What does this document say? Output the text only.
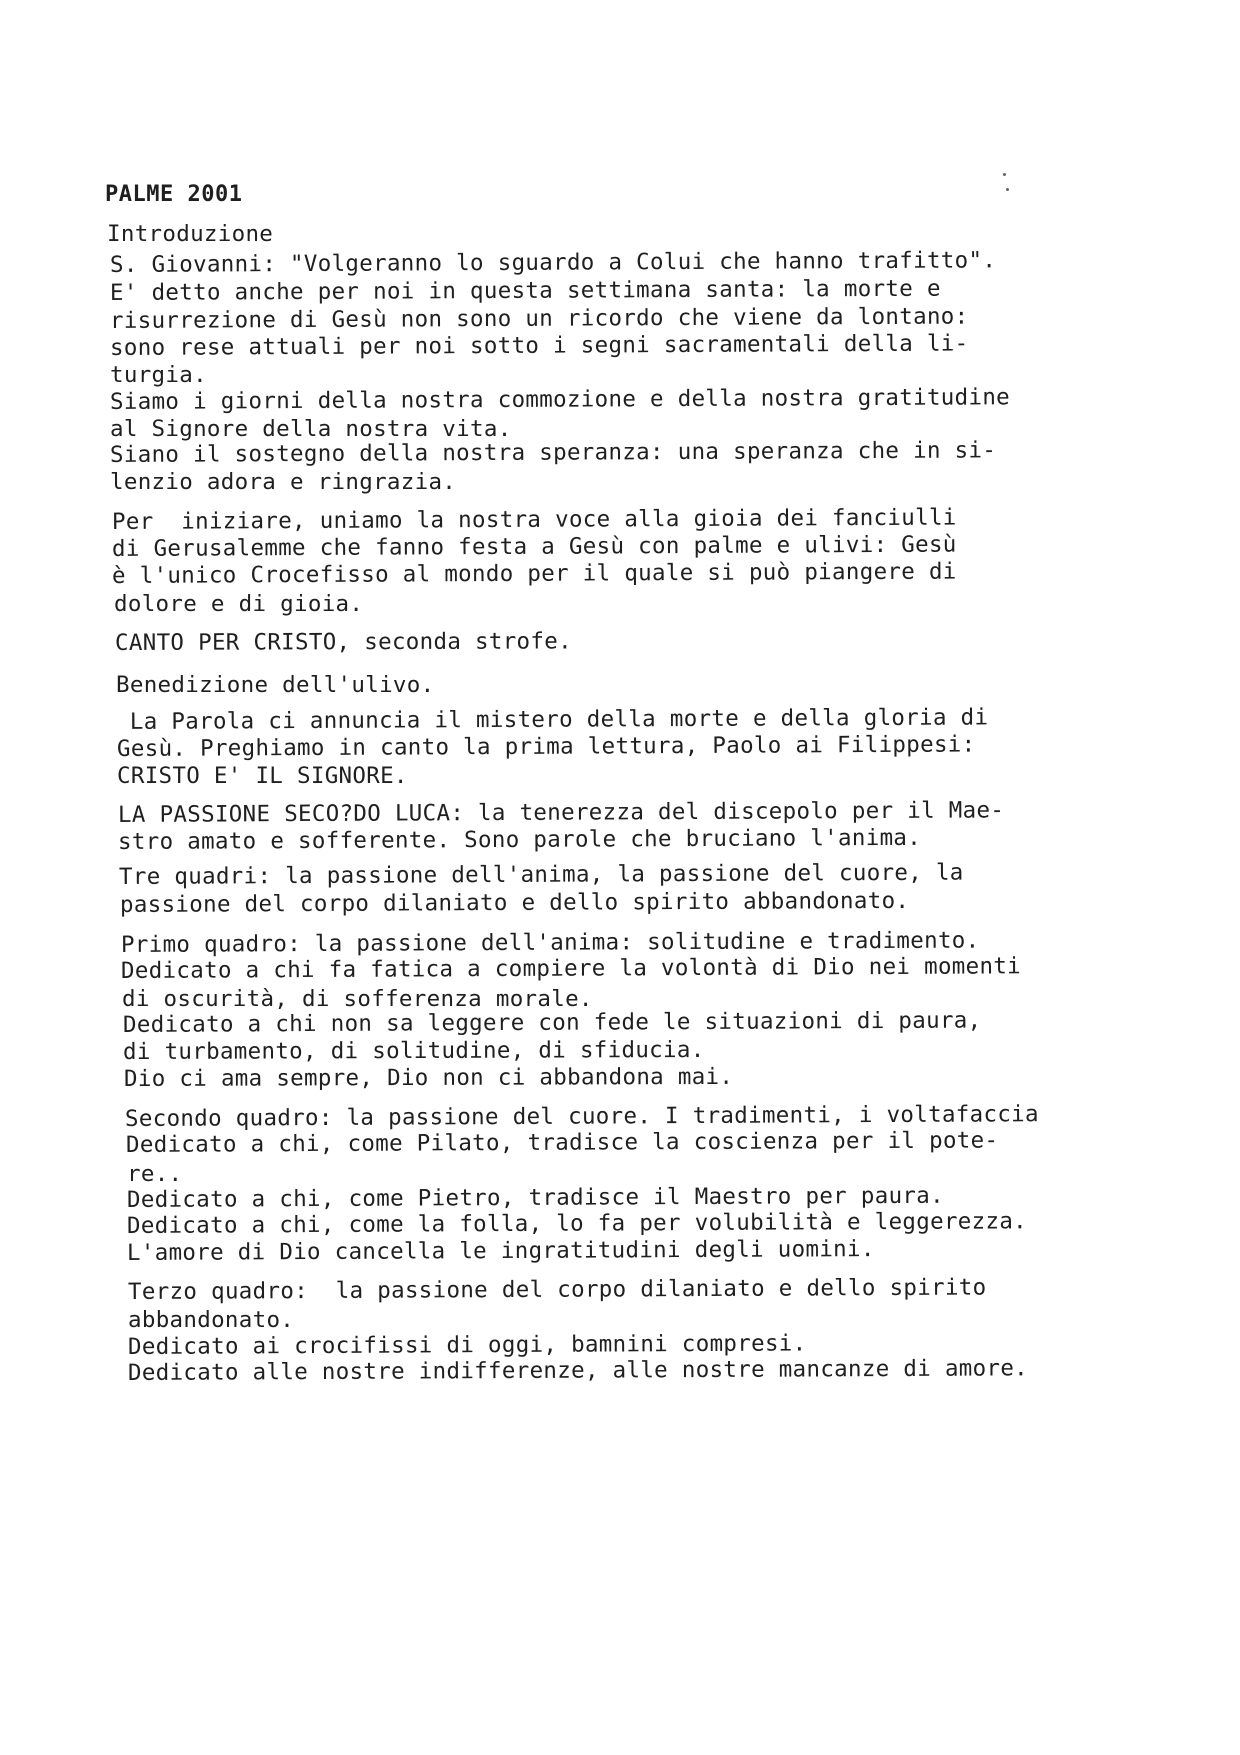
PALME 2001
Introduzione
S. Giovanni: "Volgeranno lo sguardo a Colui che hanno trafitto".
E' detto anche per noi in questa settimana santa: la morte e
risurrezione di Gesù non sono un ricordo che viene da lontano:
sono rese attuali per noi sotto i segni sacramentali della li-
turgia.
Siamo i giorni della nostra commozione e della nostra gratitudine
al Signore della nostra vita.
Siano il sostegno della nostra speranza: una speranza che in si-
lenzio adora e ringrazia.
Per  iniziare, uniamo la nostra voce alla gioia dei fanciulli
di Gerusalemme che fanno festa a Gesù con palme e ulivi: Gesù
è l'unico Crocefisso al mondo per il quale si può piangere di
dolore e di gioia.
CANTO PER CRISTO, seconda strofe.
Benedizione dell'ulivo.
La Parola ci annuncia il mistero della morte e della gloria di
Gesù. Preghiamo in canto la prima lettura, Paolo ai Filippesi:
CRISTO E' IL SIGNORE.
LA PASSIONE SECO?DO LUCA: la tenerezza del discepolo per il Mae-
stro amato e sofferente. Sono parole che bruciano l'anima.
Tre quadri: la passione dell'anima, la passione del cuore, la
passione del corpo dilaniato e dello spirito abbandonato.
Primo quadro: la passione dell'anima: solitudine e tradimento.
Dedicato a chi fa fatica a compiere la volontà di Dio nei momenti
di oscurità, di sofferenza morale.
Dedicato a chi non sa leggere con fede le situazioni di paura,
di turbamento, di solitudine, di sfiducia.
Dio ci ama sempre, Dio non ci abbandona mai.
Secondo quadro: la passione del cuore. I tradimenti, i voltafaccia
Dedicato a chi, come Pilato, tradisce la coscienza per il pote-
re..
Dedicato a chi, come Pietro, tradisce il Maestro per paura.
Dedicato a chi, come la folla, lo fa per volubilità e leggerezza.
L'amore di Dio cancella le ingratitudini degli uomini.
Terzo quadro:  la passione del corpo dilaniato e dello spirito
abbandonato.
Dedicato ai crocifissi di oggi, bamnini compresi.
Dedicato alle nostre indifferenze, alle nostre mancanze di amore.
